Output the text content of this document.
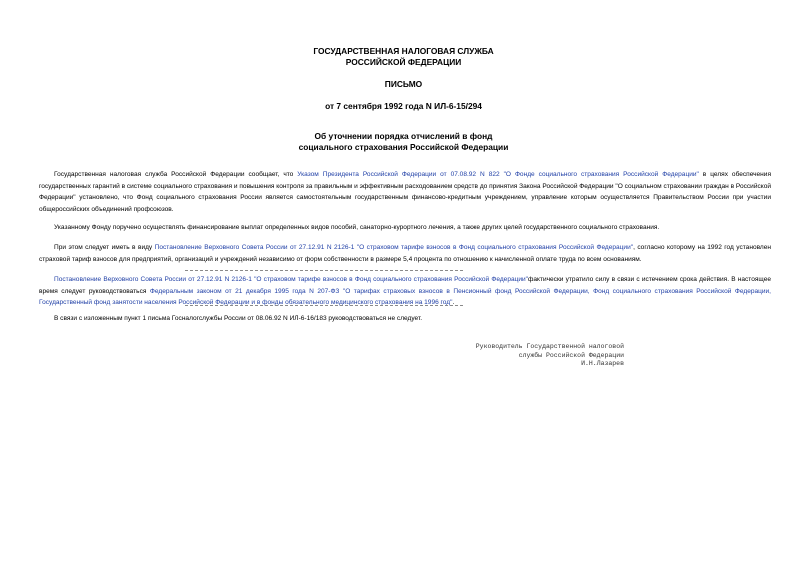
ГОСУДАРСТВЕННАЯ НАЛОГОВАЯ СЛУЖБА
РОССИЙСКОЙ ФЕДЕРАЦИИ
ПИСЬМО
от 7 сентября 1992 года N ИЛ-6-15/294
Об уточнении порядка отчислений в фонд
социального страхования Российской Федерации
Государственная налоговая служба Российской Федерации сообщает, что Указом Президента Российской Федерации от 07.08.92 N 822 "О Фонде социального страхования Российской Федерации" в целях обеспечения государственных гарантий в системе социального страхования и повышения контроля за правильным и эффективным расходованием средств до принятия Закона Российской Федерации "О социальном страховании граждан в Российской Федерации" установлено, что Фонд социального страхования России является самостоятельным государственным финансово-кредитным учреждением, управление которым осуществляется Правительством России при участии общероссийских объединений профсоюзов.
Указанному Фонду поручено осуществлять финансирование выплат определенных видов пособий, санаторно-курортного лечения, а также других целей государственного социального страхования.
При этом следует иметь в виду Постановление Верховного Совета России от 27.12.91 N 2126-1 "О страховом тарифе взносов в Фонд социального страхования Российской Федерации", согласно которому на 1992 год установлен страховой тариф взносов для предприятий, организаций и учреждений независимо от форм собственности в размере 5,4 процента по отношению к начисленной оплате труда по всем основаниям.
Постановление Верховного Совета России от 27.12.91 N 2126-1 "О страховом тарифе взносов в Фонд социального страхования Российской Федерации"фактически утратило силу в связи с истечением срока действия. В настоящее время следует руководствоваться Федеральным законом от 21 декабря 1995 года N 207-ФЗ "О тарифах страховых взносов в Пенсионный фонд Российской Федерации, Фонд социального страхования Российской Федерации, Государственный фонд занятости населения Российской Федерации и в фонды обязательного медицинского страхования на 1996 год".
В связи с изложенным пункт 1 письма Госналогслужбы России от 08.06.92 N ИЛ-6-16/183 руководствоваться не следует.
Руководитель Государственной налоговой
службы Российской Федерации
И.Н.Лазарев
